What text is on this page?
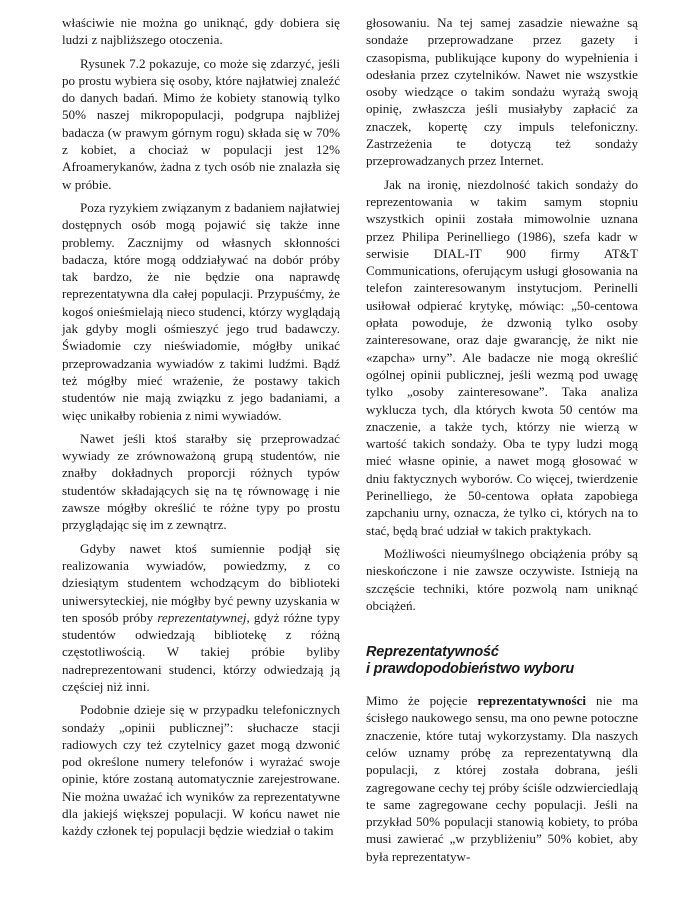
właściwie nie można go uniknąć, gdy dobiera się ludzi z najbliższego otoczenia.

Rysunek 7.2 pokazuje, co może się zdarzyć, jeśli po prostu wybiera się osoby, które najłatwiej znaleźć do danych badań. Mimo że kobiety stanowią tylko 50% naszej mikropopulacji, podgrupa najbliżej badacza (w prawym górnym rogu) składa się w 70% z kobiet, a chociaż w populacji jest 12% Afroamerykanów, żadna z tych osób nie znalazła się w próbie.

Poza ryzykiem związanym z badaniem najłatwiej dostępnych osób mogą pojawić się także inne problemy. Zacznijmy od własnych skłonności badacza, które mogą oddziaływać na dobór próby tak bardzo, że nie będzie ona naprawdę reprezentatywna dla całej populacji. Przypuśćmy, że kogoś onieśmielają nieco studenci, którzy wyglądają jak gdyby mogli ośmieszyć jego trud badawczy. Świadomie czy nieświadomie, mógłby unikać przeprowadzania wywiadów z takimi ludźmi. Bądź też mógłby mieć wrażenie, że postawy takich studentów nie mają związku z jego badaniami, a więc unikałby robienia z nimi wywiadów.

Nawet jeśli ktoś starałby się przeprowadzać wywiady ze zrównoważoną grupą studentów, nie znałby dokładnych proporcji różnych typów studentów składających się na tę równowagę i nie zawsze mógłby określić te różne typy po prostu przyglądając się im z zewnątrz.

Gdyby nawet ktoś sumiennie podjął się realizowania wywiadów, powiedzmy, z co dziesiątym studentem wchodzącym do biblioteki uniwersyteckiej, nie mógłby być pewny uzyskania w ten sposób próby reprezentatywnej, gdyż różne typy studentów odwiedzają bibliotekę z różną częstotliwością. W takiej próbie byliby nadreprezentowani studenci, którzy odwiedzają ją częściej niż inni.

Podobnie dzieje się w przypadku telefonicznych sondaży „opinii publicznej”: słuchacze stacji radiowych czy też czytelnicy gazet mogą dzwonić pod określone numery telefonów i wyrażać swoje opinie, które zostaną automatycznie zarejestrowane. Nie można uważać ich wyników za reprezentatywne dla jakiejś większej populacji. W końcu nawet nie każdy członek tej populacji będzie wiedział o takim

głosowaniu. Na tej samej zasadzie nieważne są sondaże przeprowadzane przez gazety i czasopisma, publikujące kupony do wypełnienia i odesłania przez czytelników. Nawet nie wszystkie osoby wiedzące o takim sondażu wyrażą swoją opinię, zwłaszcza jeśli musiałyby zapłacić za znaczek, kopertę czy impuls telefoniczny. Zastrzeżenia te dotyczą też sondaży przeprowadzanych przez Internet.

Jak na ironię, niezdolność takich sondaży do reprezentowania w takim samym stopniu wszystkich opinii została mimowolnie uznana przez Philipa Perinelliego (1986), szefa kadr w serwisie DIAL-IT 900 firmy AT&T Communications, oferującym usługi głosowania na telefon zainteresowanym instytucjom. Perinelli usiłował odpierać krytykę, mówiąc: „50-centowa opłata powoduje, że dzwonią tylko osoby zainteresowane, oraz daje gwarancję, że nikt nie «zapcha» urny”. Ale badacze nie mogą określić ogólnej opinii publicznej, jeśli wezmą pod uwagę tylko „osoby zainteresowane”. Taka analiza wyklucza tych, dla których kwota 50 centów ma znaczenie, a także tych, którzy nie wierzą w wartość takich sondaży. Oba te typy ludzi mogą mieć własne opinie, a nawet mogą głosować w dniu faktycznych wyborów. Co więcej, twierdzenie Perinelliego, że 50-centowa opłata zapobiega zapchaniu urny, oznacza, że tylko ci, których na to stać, będą brać udział w takich praktykach.

Możliwości nieumyślnego obciążenia próby są nieskończone i nie zawsze oczywiste. Istnieją na szczęście techniki, które pozwolą nam uniknąć obciążeń.

Reprezentatywność
i prawdopodobieństwo wyboru

Mimo że pojęcie reprezentatywności nie ma ścisłego naukowego sensu, ma ono pewne potoczne znaczenie, które tutaj wykorzystamy. Dla naszych celów uznamy próbę za reprezentatywną dla populacji, z której została dobrana, jeśli zagregowane cechy tej próby ściśle odzwierciedlają te same zagregowane cechy populacji. Jeśli na przykład 50% populacji stanowią kobiety, to próba musi zawierać „w przybliżeniu” 50% kobiet, aby była reprezentatyw-
